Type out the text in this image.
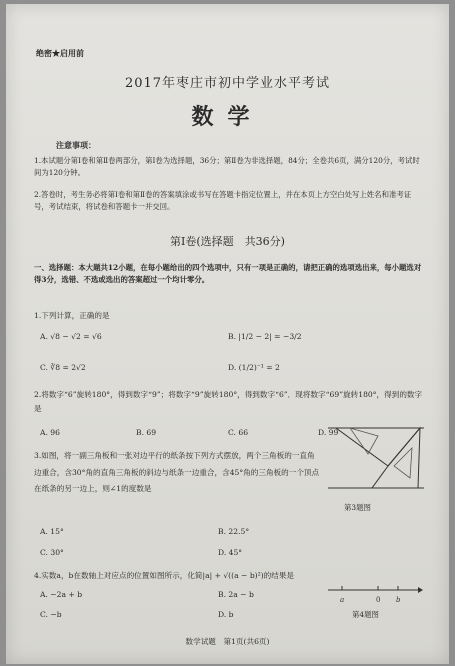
绝密★启用前
2017年枣庄市初中学业水平考试
数学
注意事项：
1.本试题分第Ⅰ卷和第Ⅱ卷两部分，第Ⅰ卷为选择题，36分；第Ⅱ卷为非选择题，84分；全卷共6页，满分120分，考试时间为120分钟。
2.答卷时，考生务必将第Ⅰ卷和第Ⅱ卷的答案填涂或书写在答题卡指定位置上，并在本页上方空白处写上姓名和准考证号，考试结束，将试卷和答题卡一并交回。
第Ⅰ卷(选择题　共36分)
一、选择题：本大题共12小题，在每小题给出的四个选项中，只有一项是正确的，请把正确的选项选出来，每小题选对得3分，选错、不选或选出的答案超过一个均计零分。
1.下列计算，正确的是
A. √8 − √2 = √6	B. |1/2 − 2| = −3/2
C. ∛8 = 2√2	D. (1/2)⁻¹ = 2
2.将数字“6”旋转180°，得到数字“9”；将数字“9”旋转180°，得到数字“6”．现将数字“69”旋转180°，得到的数字是
A. 96	B. 69	C. 66	D. 99
3.如图，将一副三角板和一张对边平行的纸条按下列方式摆放，两个三角板的一直角边重合，含30°角的直角三角板的斜边与纸条一边重合，含45°角的三角板的一个顶点在纸条的另一边上，则∠1的度数是
A. 15°	B. 22.5°
C. 30°	D. 45°
第3题图
4.实数a，b在数轴上对应点的位置如图所示，化简|a| + √((a − b)²)的结果是
A. −2a + b	B. 2a − b
C. −b	D. b
a	0 b
第4题图
数学试题　第1页(共6页)
